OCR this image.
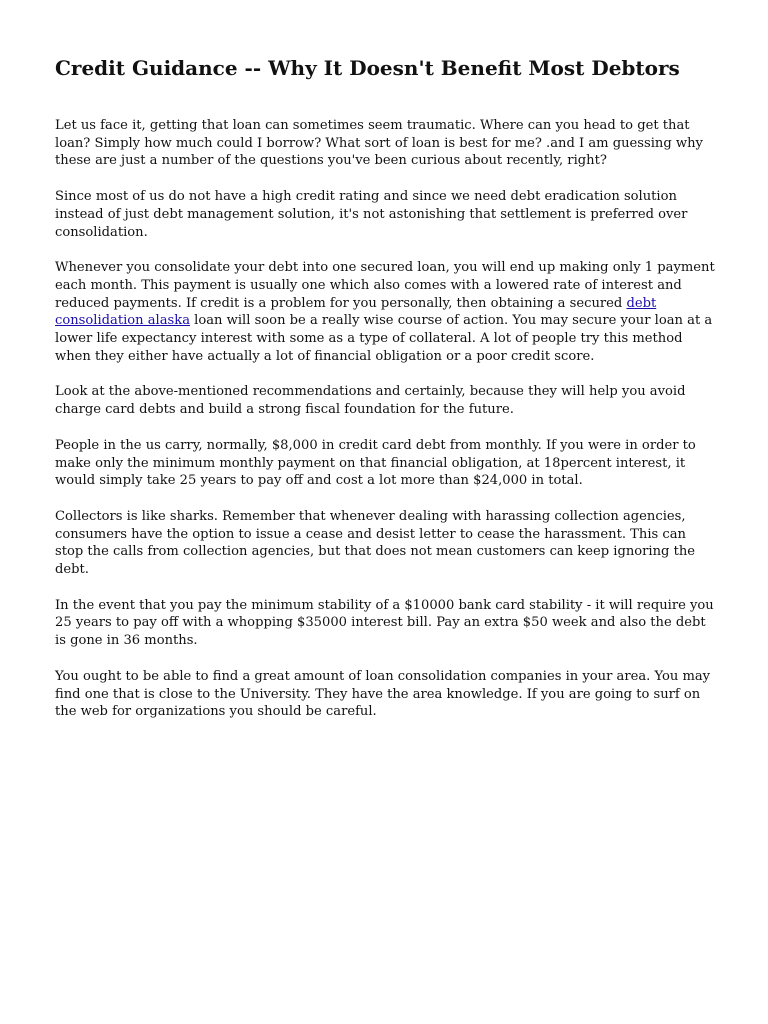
Credit Guidance -- Why It Doesn't Benefit Most Debtors

Let us face it, getting that loan can sometimes seem traumatic. Where can you head to get that loan? Simply how much could I borrow? What sort of loan is best for me? .and I am guessing why these are just a number of the questions you've been curious about recently, right?

Since most of us do not have a high credit rating and since we need debt eradication solution instead of just debt management solution, it's not astonishing that settlement is preferred over consolidation.

Whenever you consolidate your debt into one secured loan, you will end up making only 1 payment each month. This payment is usually one which also comes with a lowered rate of interest and reduced payments. If credit is a problem for you personally, then obtaining a secured debt consolidation alaska loan will soon be a really wise course of action. You may secure your loan at a lower life expectancy interest with some as a type of collateral. A lot of people try this method when they either have actually a lot of financial obligation or a poor credit score.

Look at the above-mentioned recommendations and certainly, because they will help you avoid charge card debts and build a strong fiscal foundation for the future.

People in the us carry, normally, $8,000 in credit card debt from monthly. If you were in order to make only the minimum monthly payment on that financial obligation, at 18percent interest, it would simply take 25 years to pay off and cost a lot more than $24,000 in total.

Collectors is like sharks. Remember that whenever dealing with harassing collection agencies, consumers have the option to issue a cease and desist letter to cease the harassment. This can stop the calls from collection agencies, but that does not mean customers can keep ignoring the debt.

In the event that you pay the minimum stability of a $10000 bank card stability - it will require you 25 years to pay off with a whopping $35000 interest bill. Pay an extra $50 week and also the debt is gone in 36 months.

You ought to be able to find a great amount of loan consolidation companies in your area. You may find one that is close to the University. They have the area knowledge. If you are going to surf on the web for organizations you should be careful.
